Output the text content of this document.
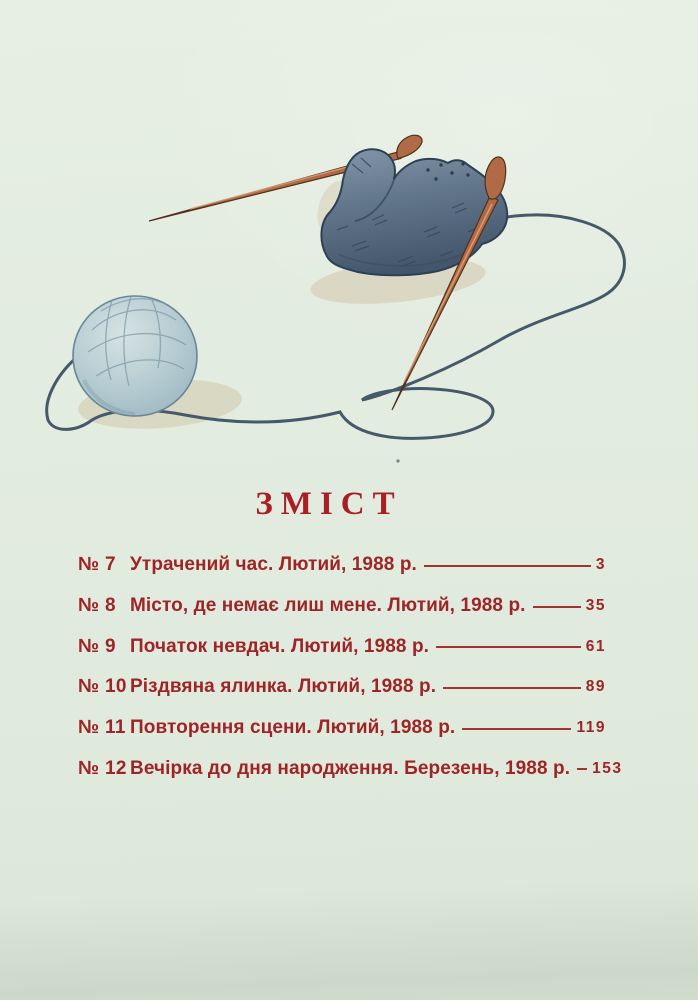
ЗМІСТ
№ 7 Утрачений час. Лютий, 1988 р.	3
№ 8 Місто, де немає лиш мене. Лютий, 1988 р.	35
№ 9 Початок невдач. Лютий, 1988 р.	61
№ 10 Різдвяна ялинка. Лютий, 1988 р.	89
№ 11 Повторення сцени. Лютий, 1988 р.	119
№ 12 Вечірка до дня народження. Березень, 1988 р. 153
